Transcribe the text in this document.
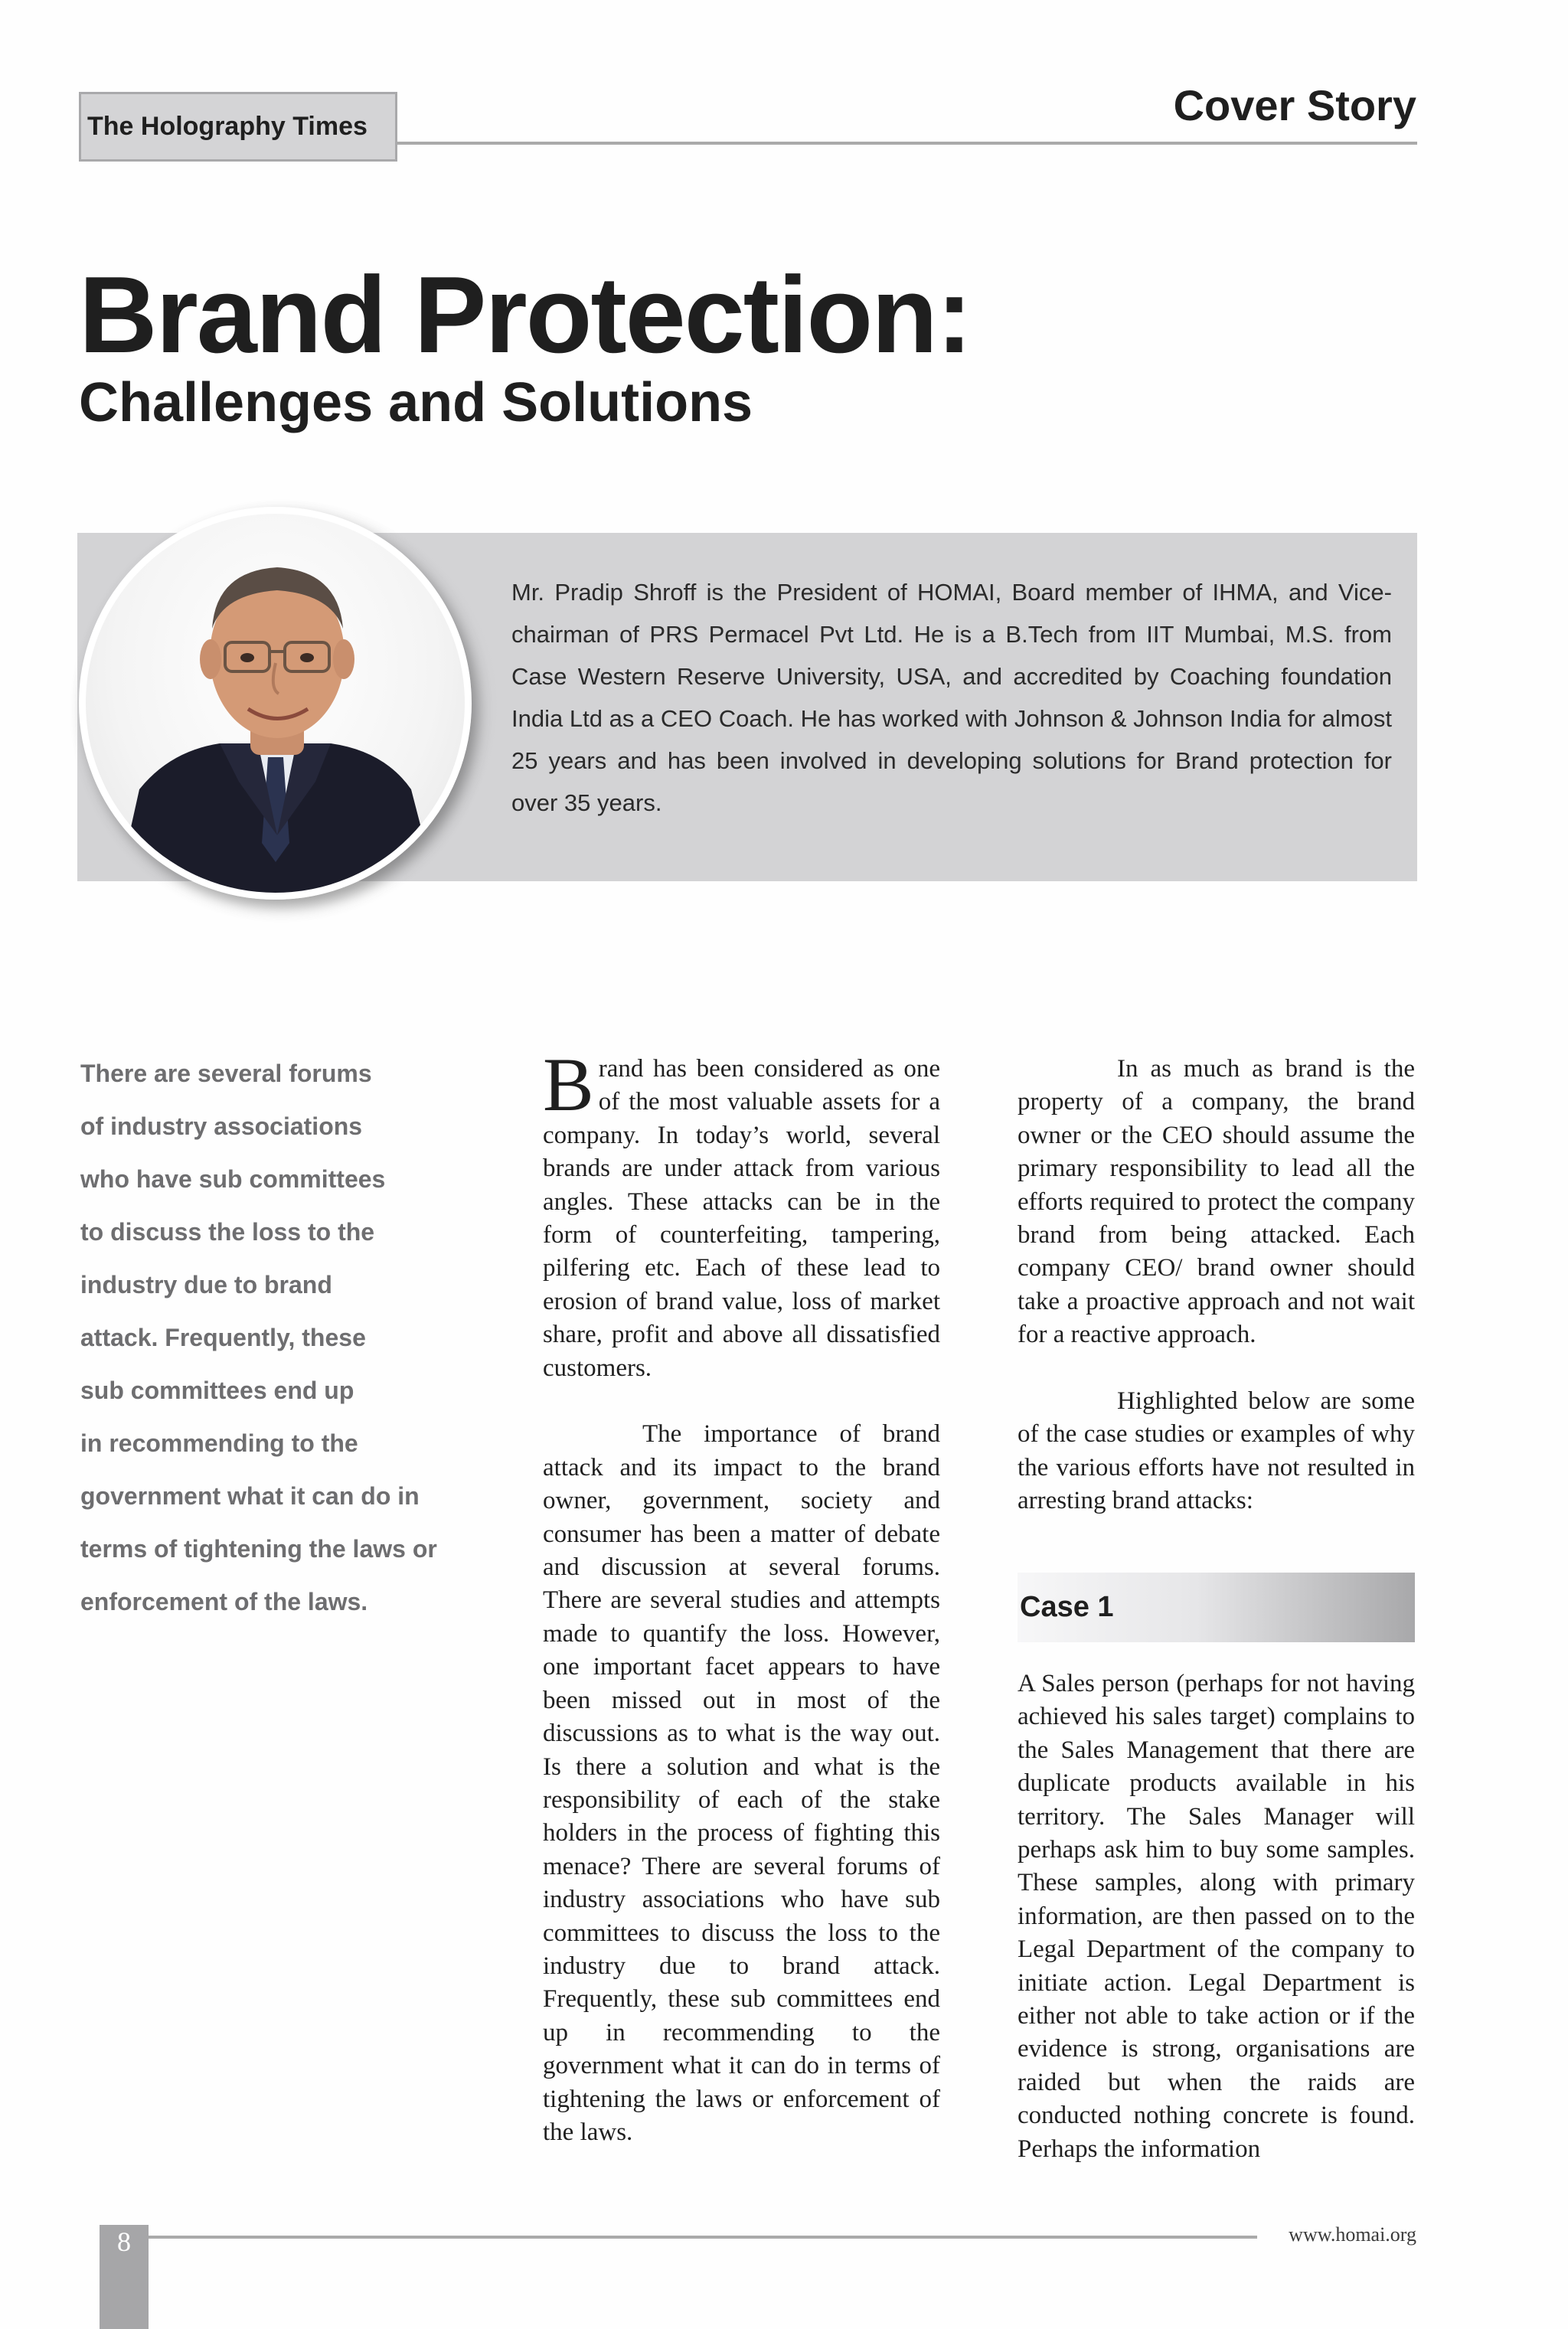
The Holography Times	Cover Story
Brand Protection:
Challenges and Solutions
Mr. Pradip Shroff is the President of HOMAI, Board member of IHMA, and Vice-chairman of PRS Permacel Pvt Ltd. He is a B.Tech from IIT Mumbai, M.S. from Case Western Reserve University, USA, and accredited by Coaching foundation India Ltd as a CEO Coach. He has worked with Johnson & Johnson India for almost 25 years and has been involved in developing solutions for Brand protection for over 35 years.
There are several forums
of industry associations
who have sub committees
to discuss the loss to the
industry due to brand
attack. Frequently, these
sub committees end up
in recommending to the
government what it can do in
terms of tightening the laws or
enforcement of the laws.

Brand has been considered as one of the most valuable assets for a company. In today’s world, several brands are under attack from various angles. These attacks can be in the form of counterfeiting, tampering, pilfering etc. Each of these lead to erosion of brand value, loss of market share, profit and above all dissatisfied customers.

The importance of brand attack and its impact to the brand owner, government, society and consumer has been a matter of debate and discussion at several forums. There are several studies and attempts made to quantify the loss. However, one important facet appears to have been missed out in most of the discussions as to what is the way out. Is there a solution and what is the responsibility of each of the stake holders in the process of fighting this menace? There are several forums of industry associations who have sub committees to discuss the loss to the industry due to brand attack. Frequently, these sub committees end up in recommending to the government what it can do in terms of tightening the laws or enforcement of the laws.

In as much as brand is the property of a company, the brand owner or the CEO should assume the primary responsibility to lead all the efforts required to protect the company brand from being attacked. Each company CEO/ brand owner should take a proactive approach and not wait for a reactive approach.

Highlighted below are some of the case studies or examples of why the various efforts have not resulted in arresting brand attacks:

Case 1

A Sales person (perhaps for not having achieved his sales target) complains to the Sales Management that there are duplicate products available in his territory. The Sales Manager will perhaps ask him to buy some samples. These samples, along with primary information, are then passed on to the Legal Department of the company to initiate action. Legal Department is either not able to take action or if the evidence is strong, organisations are raided but when the raids are conducted nothing concrete is found. Perhaps the information

8	www.homai.org
